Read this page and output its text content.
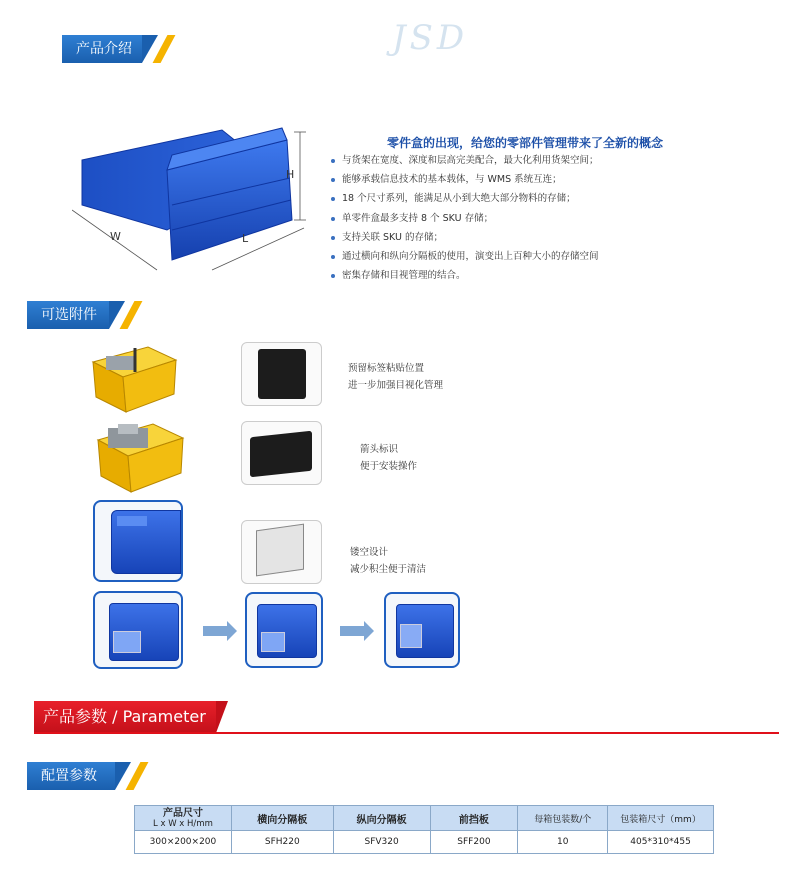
JSD
产品介绍
H
W	L
零件盒的出现，给您的零部件管理带来了全新的概念
与货架在宽度、深度和层高完美配合，最大化利用货架空间；
能够承载信息技术的基本载体，与 WMS 系统互连；
18 个尺寸系列，能满足从小到大绝大部分物料的存储；
单零件盒最多支持 8 个 SKU 存储；
支持关联 SKU 的存储；
通过横向和纵向分隔板的使用，演变出上百种大小的存储空间
密集存储和目视管理的结合。
可选附件
预留标签粘贴位置
进一步加强目视化管理
箭头标识
便于安装操作
镂空设计
减少积尘便于清洁
产品参数 / Parameter
配置参数
产品尺寸
L x W x H/mm	横向分隔板	纵向分隔板	前挡板	每箱包装数/个	包装箱尺寸（mm）
300×200×200	SFH220	SFV320	SFF200	10	405*310*455
